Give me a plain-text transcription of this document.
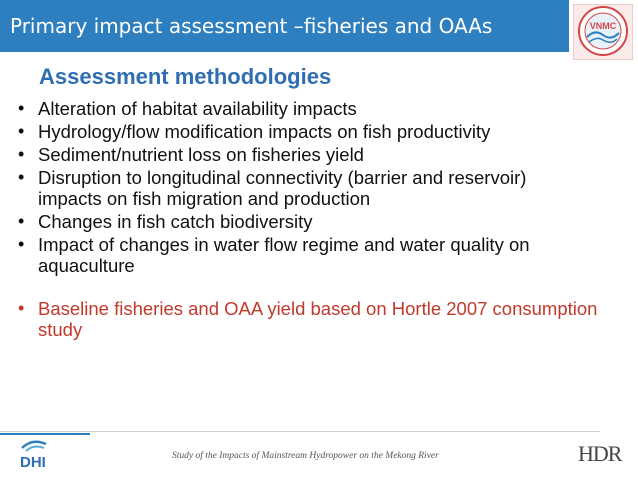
Primary impact assessment –fisheries and OAAs	VNMC
Assessment methodologies
• Alteration of habitat availability impacts
• Hydrology/flow modification impacts on fish productivity
• Sediment/nutrient loss on fisheries yield
• Disruption to longitudinal connectivity (barrier and reservoir) impacts on fish migration and production
• Changes in fish catch biodiversity
• Impact of changes in water flow regime and water quality on aquaculture
• Baseline fisheries and OAA yield based on Hortle 2007 consumption study
DHI	Study of the Impacts of Mainstream Hydropower on the Mekong River	HDR
